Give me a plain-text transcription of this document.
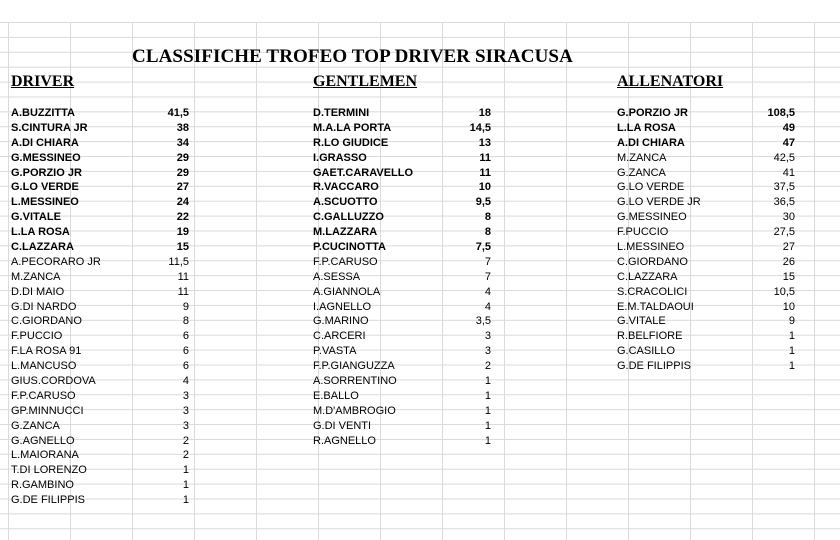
CLASSIFICHE TROFEO TOP DRIVER SIRACUSA
DRIVER	GENTLEMEN	ALLENATORI
A.BUZZITTA	41,5
S.CINTURA JR	38
A.DI CHIARA	34
G.MESSINEO	29
G.PORZIO JR	29
G.LO VERDE	27
L.MESSINEO	24
G.VITALE	22
L.LA ROSA	19
C.LAZZARA	15
A.PECORARO JR	11,5
M.ZANCA	11
D.DI MAIO	11
G.DI NARDO	9
C.GIORDANO	8
F.PUCCIO	6
F.LA ROSA 91	6
L.MANCUSO	6
GIUS.CORDOVA	4
F.P.CARUSO	3
GP.MINNUCCI	3
G.ZANCA	3
G.AGNELLO	2
L.MAIORANA	2
T.DI LORENZO	1
R.GAMBINO	1
G.DE FILIPPIS	1
D.TERMINI	18
M.A.LA PORTA	14,5
R.LO GIUDICE	13
I.GRASSO	11
GAET.CARAVELLO	11
R.VACCARO	10
A.SCUOTTO	9,5
C.GALLUZZO	8
M.LAZZARA	8
P.CUCINOTTA	7,5
F.P.CARUSO	7
A.SESSA	7
A.GIANNOLA	4
I.AGNELLO	4
G.MARINO	3,5
C.ARCERI	3
P.VASTA	3
F.P.GIANGUZZA	2
A.SORRENTINO	1
E.BALLO	1
M.D'AMBROGIO	1
G.DI VENTI	1
R.AGNELLO	1
G.PORZIO JR	108,5
L.LA ROSA	49
A.DI CHIARA	47
M.ZANCA	42,5
G.ZANCA	41
G.LO VERDE	37,5
G.LO VERDE JR	36,5
G.MESSINEO	30
F.PUCCIO	27,5
L.MESSINEO	27
C.GIORDANO	26
C.LAZZARA	15
S.CRACOLICI	10,5
E.M.TALDAOUI	10
G.VITALE	9
R.BELFIORE	1
G.CASILLO	1
G.DE FILIPPIS	1
